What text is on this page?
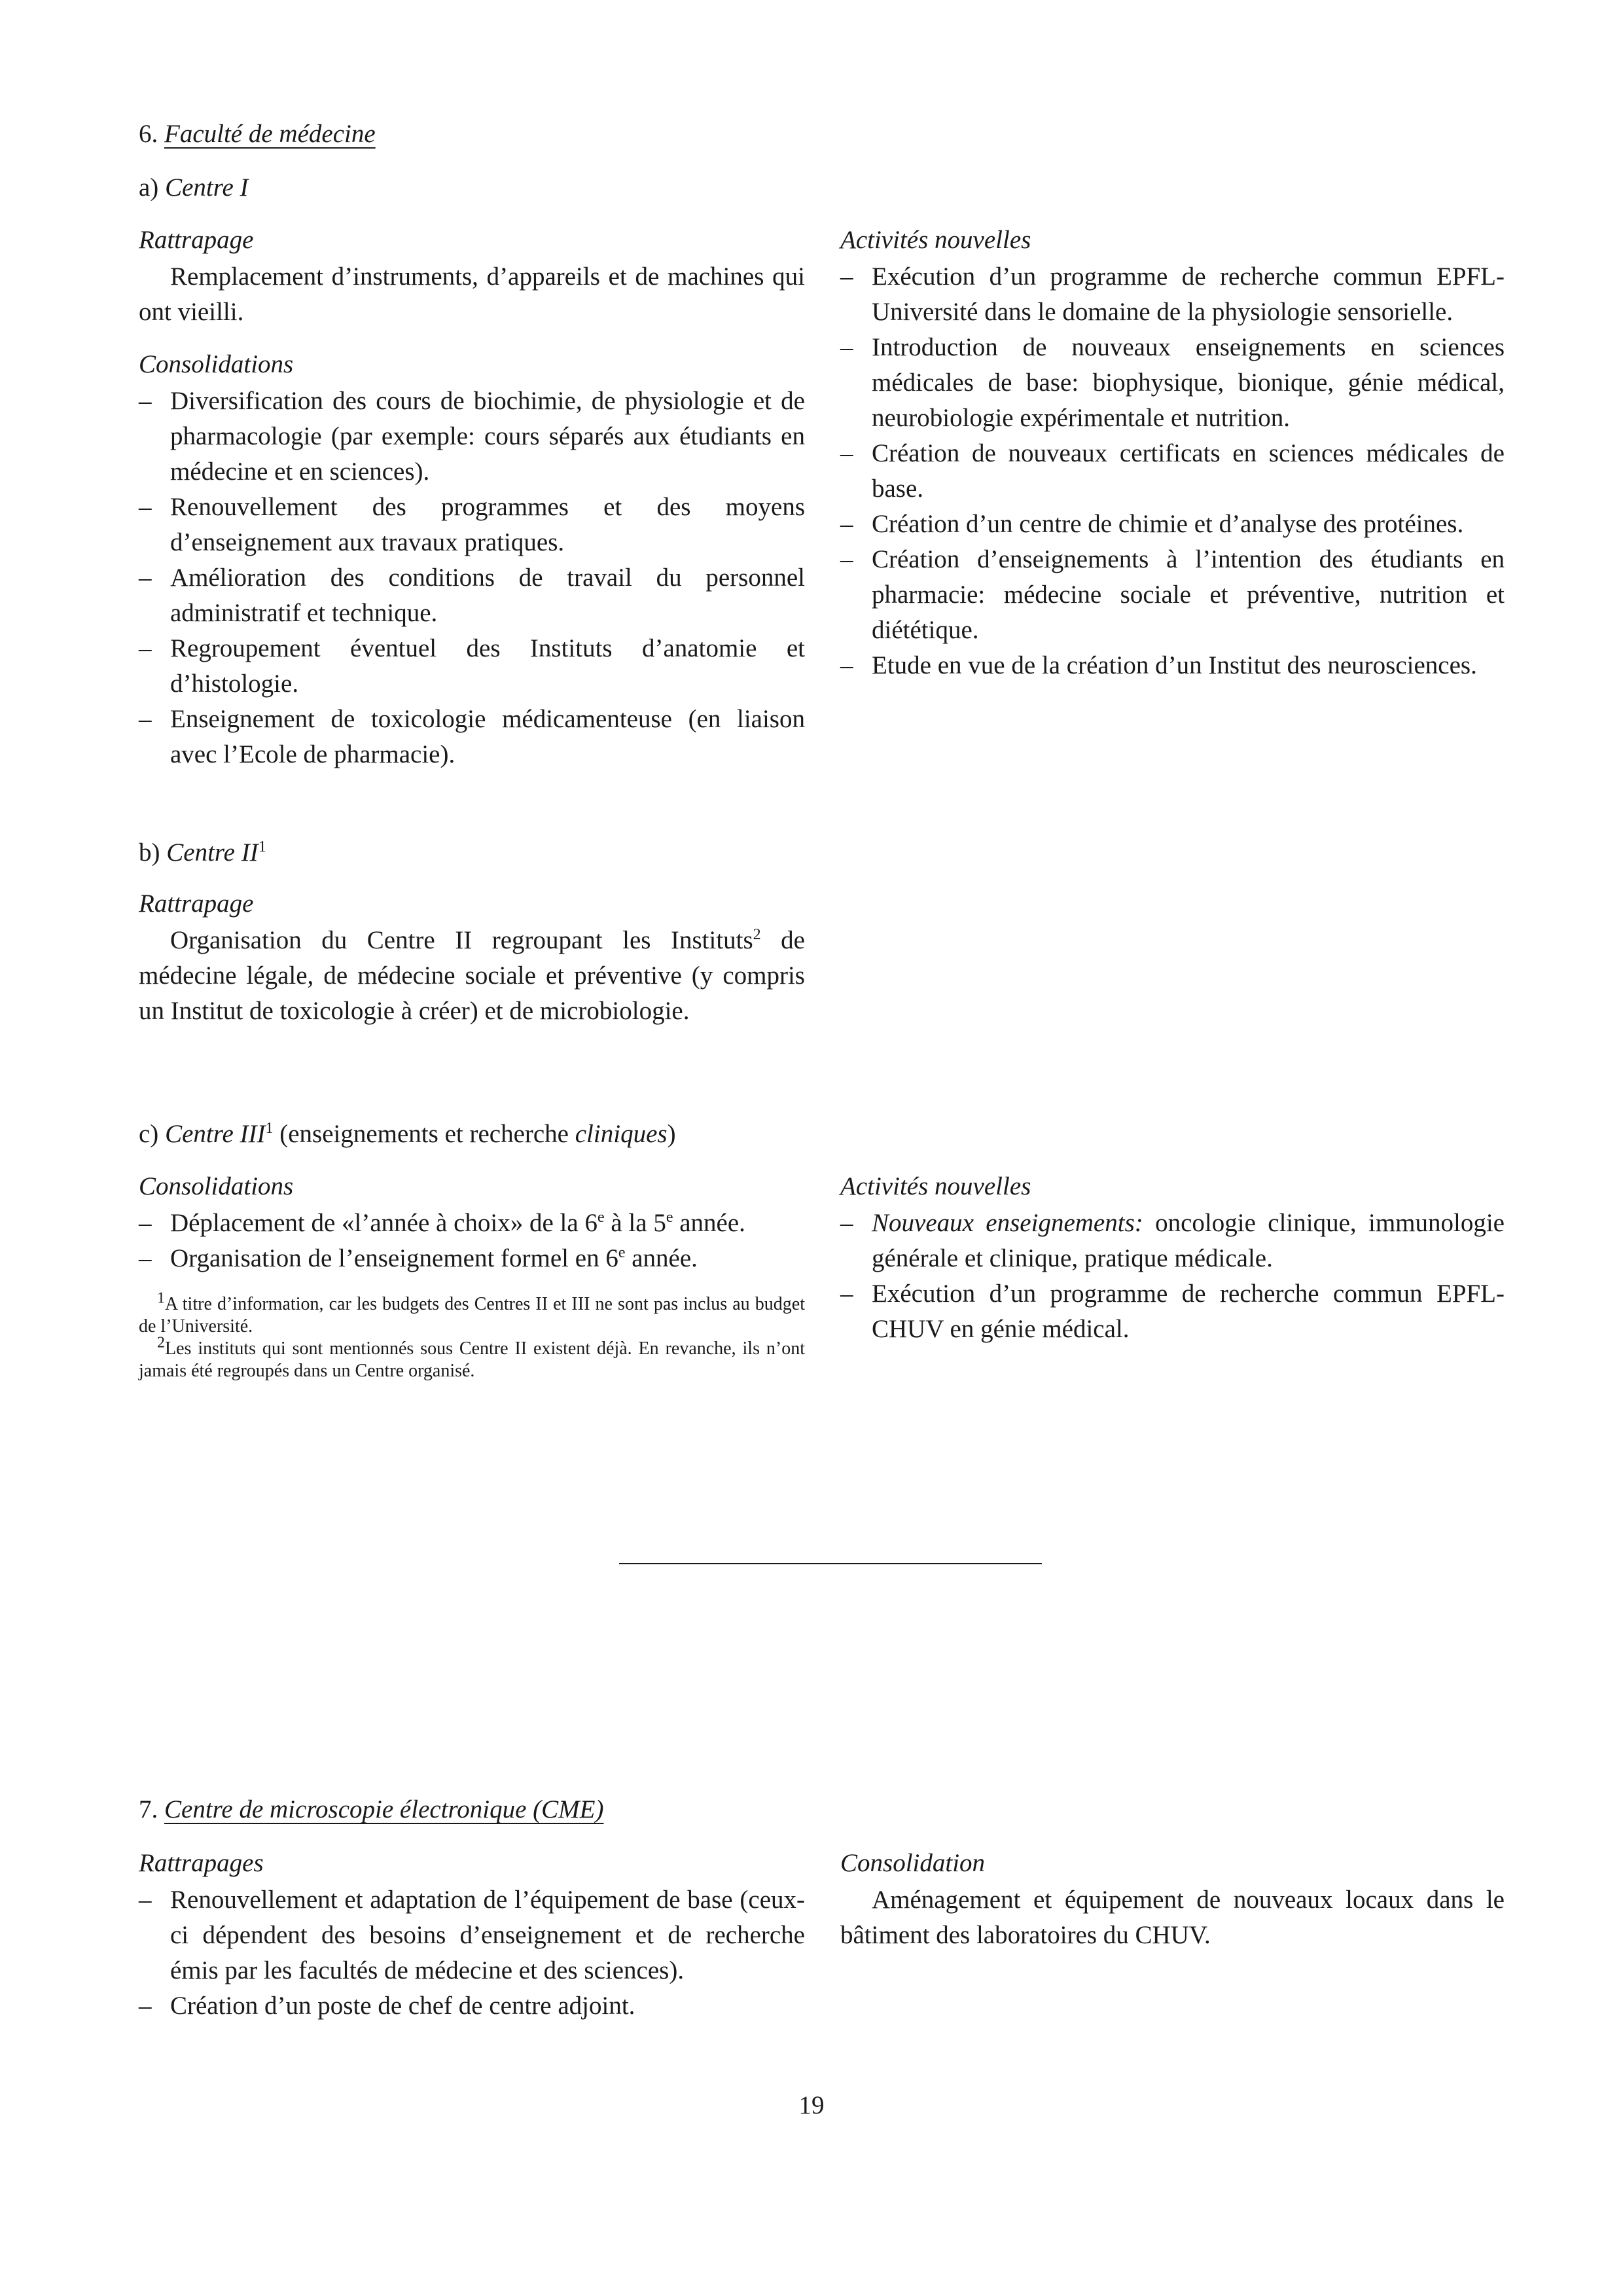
6. Faculté de médecine
a) Centre I

Rattrapage

Remplacement d’instruments, d’appareils et de machines qui ont vieilli.

Consolidations

– Diversification des cours de biochimie, de physiologie et de pharmacologie (par exemple: cours séparés aux étudiants en médecine et en sciences).
– Renouvellement des programmes et des moyens d’enseignement aux travaux pratiques.
– Amélioration des conditions de travail du personnel administratif et technique.
– Regroupement éventuel des Instituts d’anatomie et d’histologie.
– Enseignement de toxicologie médicamenteuse (en liaison avec l’Ecole de pharmacie).

Activités nouvelles

– Exécution d’un programme de recherche commun EPFL-Université dans le domaine de la physiologie sensorielle.
– Introduction de nouveaux enseignements en sciences médicales de base: biophysique, bionique, génie médical, neurobiologie expérimentale et nutrition.
– Création de nouveaux certificats en sciences médicales de base.
– Création d’un centre de chimie et d’analyse des protéines.
– Création d’enseignements à l’intention des étudiants en pharmacie: médecine sociale et préventive, nutrition et diététique.
– Etude en vue de la création d’un Institut des neurosciences.
b) Centre $II^1$

Rattrapage

Organisation du Centre II regroupant les Instituts$^2$ de médecine légale, de médecine sociale et préventive (y compris un Institut de toxicologie à créer) et de microbiologie.

c) Centre III$^1$ (enseignements et recherche cliniques)

Consolidations

– Déplacement de «l’année à choix» de la 6e à la 5e année.
– Organisation de l’enseignement formel en 6e année.

$^1$A titre d’information, car les budgets des Centres II et III ne sont pas inclus au budget de l’Université.

$^2$Les instituts qui sont mentionnés sous Centre II existent déjà. En revanche, ils n’ont jamais été regroupés dans un Centre organisé.

Activités nouvelles

– Nouveaux enseignements: oncologie clinique, immunologie générale et clinique, pratique médicale.
– Exécution d’un programme de recherche commun EPFL-CHUV en génie médical.
7. Centre de microscopie électronique (CME)

Rattrapages

– Renouvellement et adaptation de l’équipement de base (ceux-ci dépendent des besoins d’enseignement et de recherche émis par les facultés de médecine et des sciences).
– Création d’un poste de chef de centre adjoint.

Consolidation

Aménagement et équipement de nouveaux locaux dans le bâtiment des laboratoires du CHUV.

19
